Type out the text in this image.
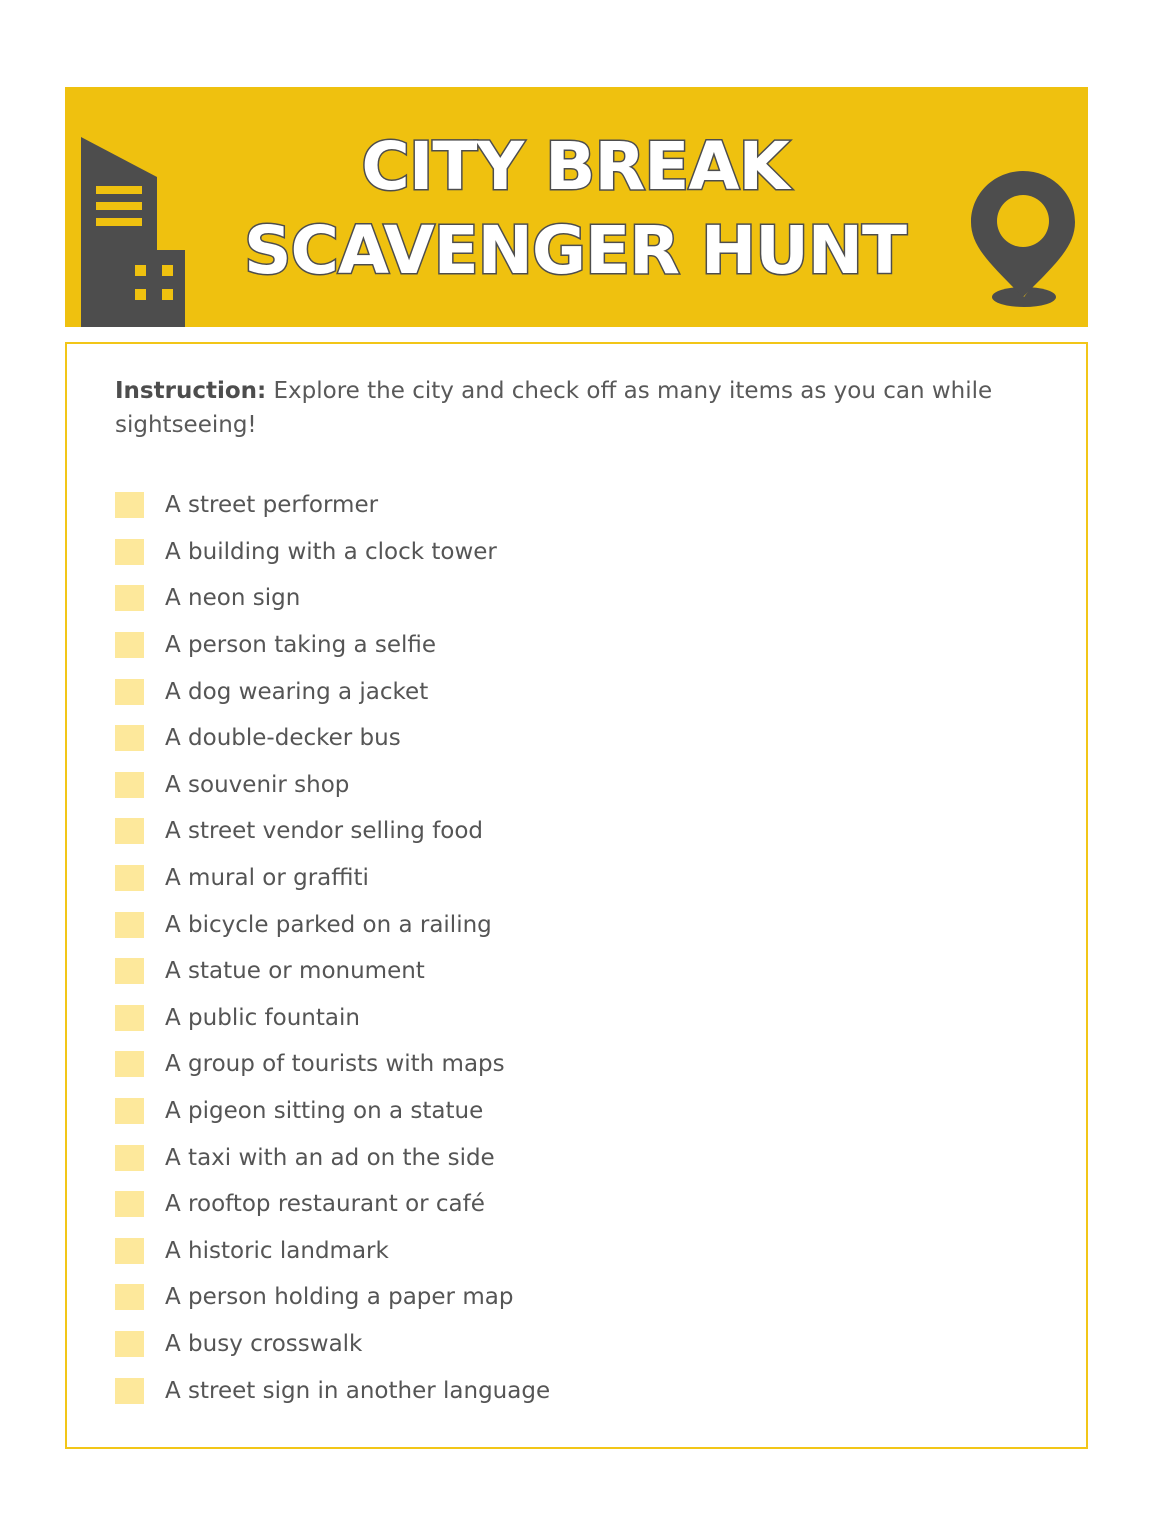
CITY BREAK
SCAVENGER HUNT

Instruction: Explore the city and check off as many items as you can while sightseeing!

A street performer
A building with a clock tower
A neon sign
A person taking a selfie
A dog wearing a jacket
A double-decker bus
A souvenir shop
A street vendor selling food
A mural or graffiti
A bicycle parked on a railing
A statue or monument
A public fountain
A group of tourists with maps
A pigeon sitting on a statue
A taxi with an ad on the side
A rooftop restaurant or café
A historic landmark
A person holding a paper map
A busy crosswalk
A street sign in another language
